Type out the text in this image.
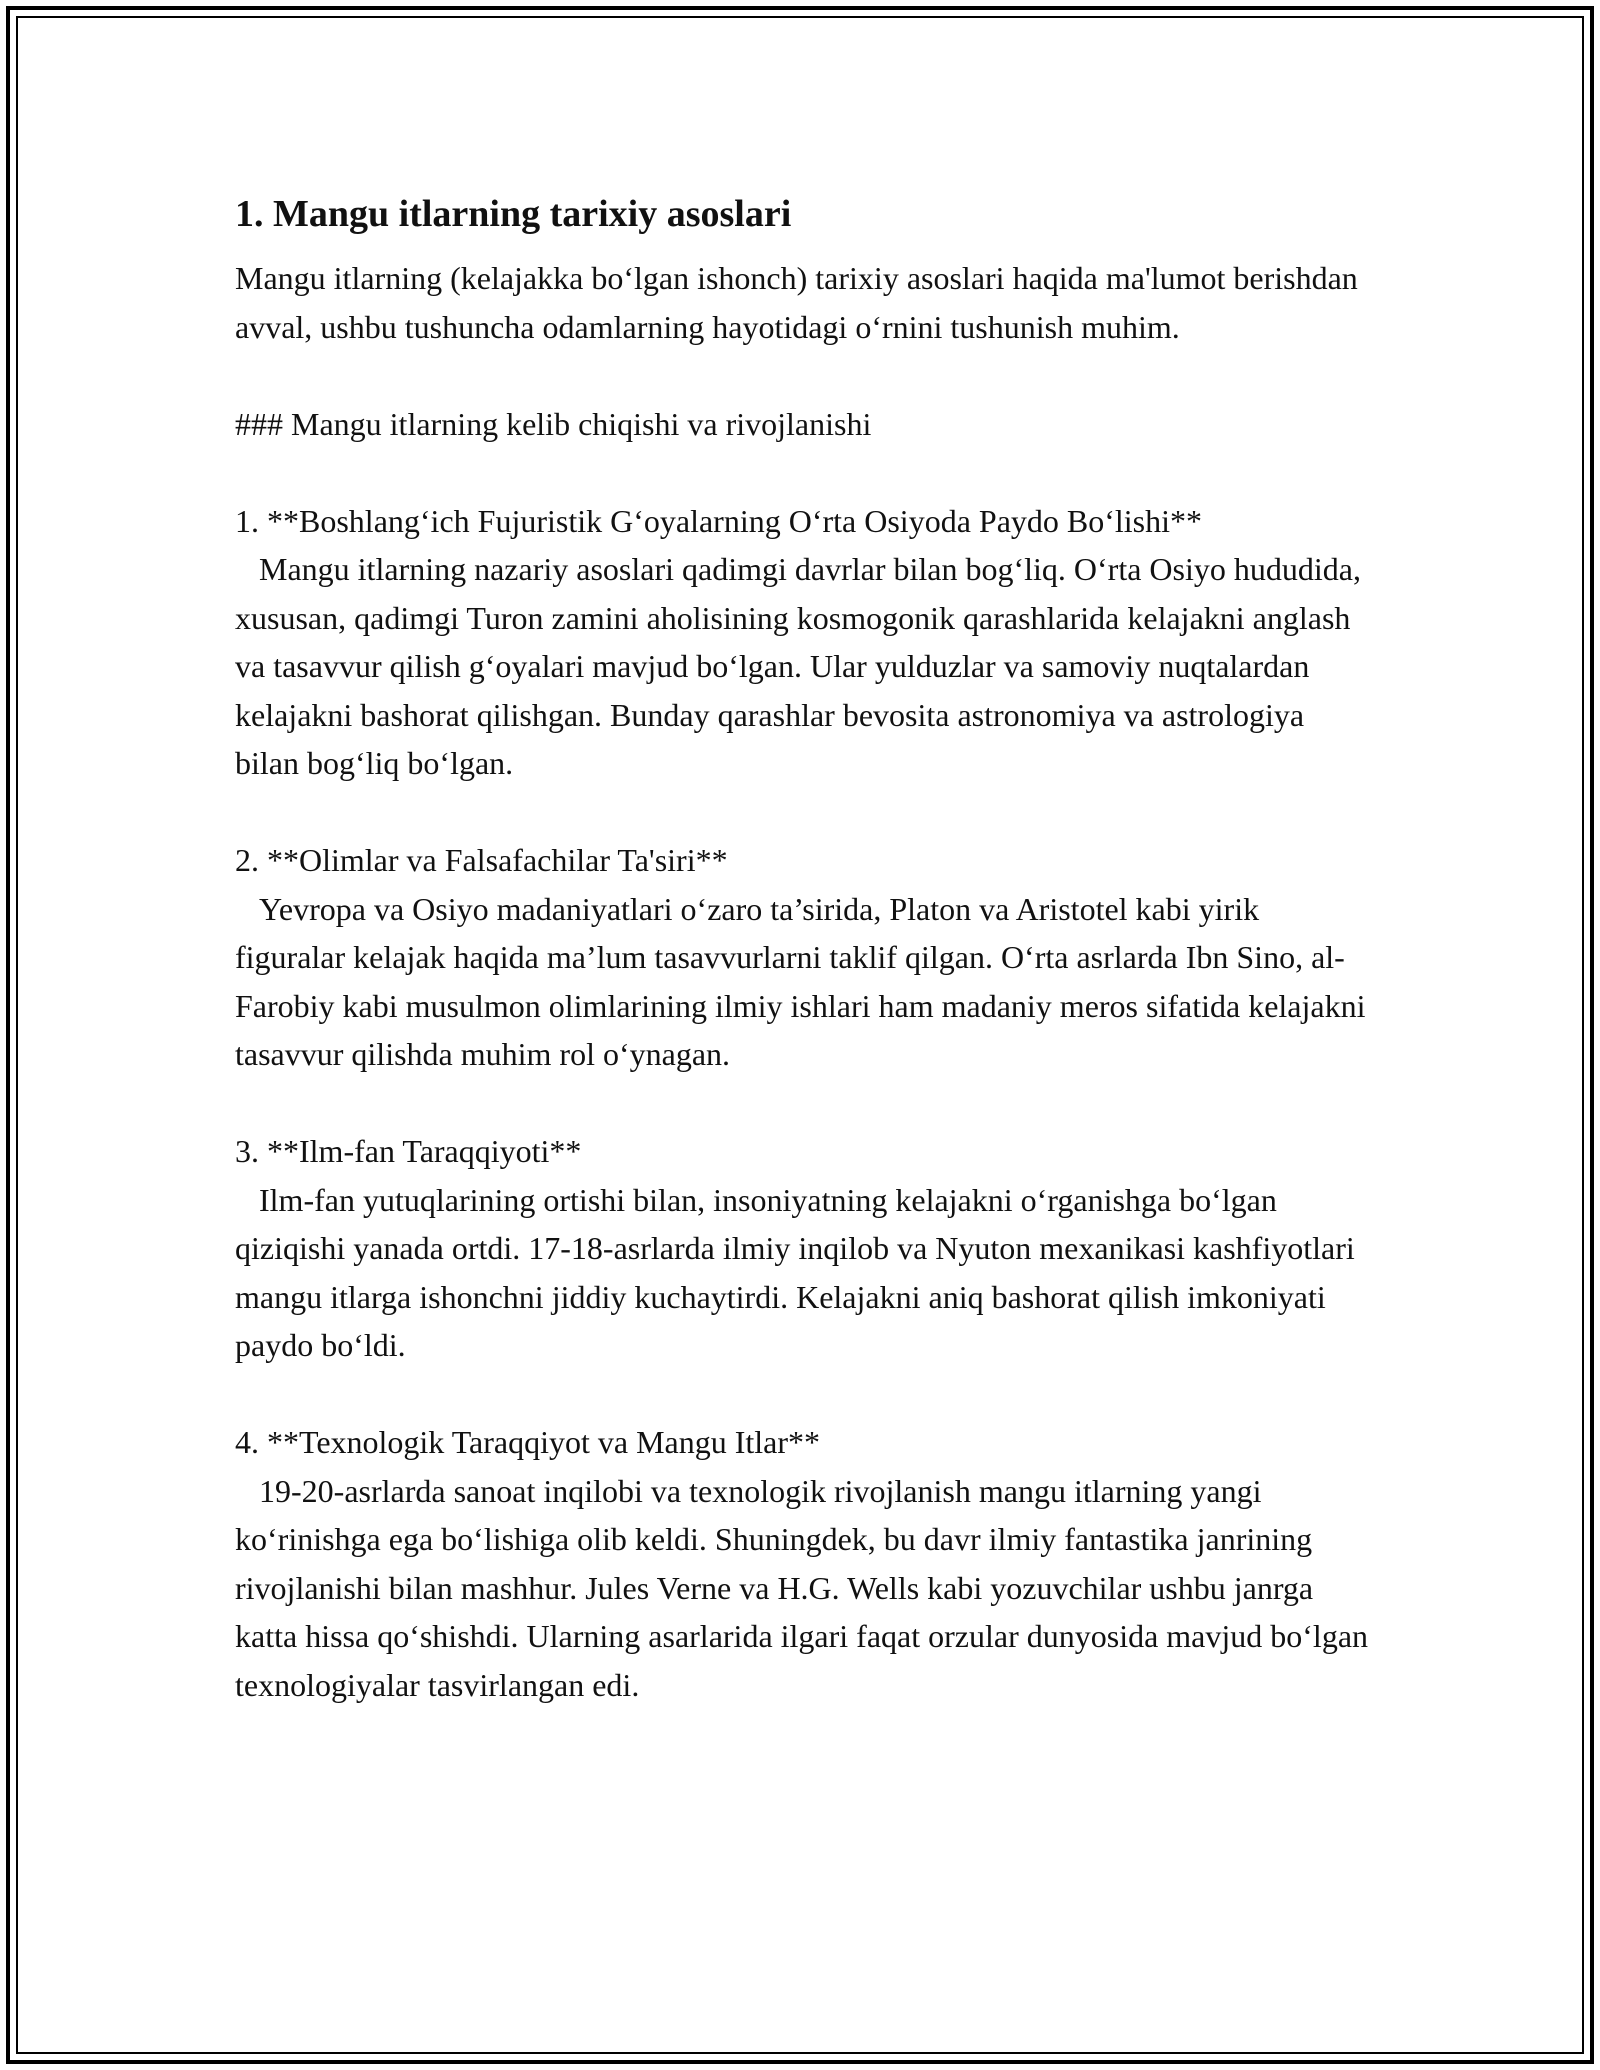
1. Mangu itlarning tarixiy asoslari

Mangu itlarning (kelajakka bo‘lgan ishonch) tarixiy asoslari haqida ma'lumot berishdan avval, ushbu tushuncha odamlarning hayotidagi o‘rnini tushunish muhim.

### Mangu itlarning kelib chiqishi va rivojlanishi

1. **Boshlang‘ich Fujuristik G‘oyalarning O‘rta Osiyoda Paydo Bo‘lishi**

Mangu itlarning nazariy asoslari qadimgi davrlar bilan bog‘liq. O‘rta Osiyo hududida, xususan, qadimgi Turon zamini aholisining kosmogonik qarashlarida kelajakni anglash va tasavvur qilish g‘oyalari mavjud bo‘lgan. Ular yulduzlar va samoviy nuqtalardan kelajakni bashorat qilishgan. Bunday qarashlar bevosita astronomiya va astrologiya bilan bog‘liq bo‘lgan.

2. **Olimlar va Falsafachilar Ta'siri**

Yevropa va Osiyo madaniyatlari o‘zaro ta’sirida, Platon va Aristotel kabi yirik figuralar kelajak haqida ma’lum tasavvurlarni taklif qilgan. O‘rta asrlarda Ibn Sino, al-Farobiy kabi musulmon olimlarining ilmiy ishlari ham madaniy meros sifatida kelajakni tasavvur qilishda muhim rol o‘ynagan.

3. **Ilm-fan Taraqqiyoti**

Ilm-fan yutuqlarining ortishi bilan, insoniyatning kelajakni o‘rganishga bo‘lgan qiziqishi yanada ortdi. 17-18-asrlarda ilmiy inqilob va Nyuton mexanikasi kashfiyotlari mangu itlarga ishonchni jiddiy kuchaytirdi. Kelajakni aniq bashorat qilish imkoniyati paydo bo‘ldi.

4. **Texnologik Taraqqiyot va Mangu Itlar**

19-20-asrlarda sanoat inqilobi va texnologik rivojlanish mangu itlarning yangi ko‘rinishga ega bo‘lishiga olib keldi. Shuningdek, bu davr ilmiy fantastika janrining rivojlanishi bilan mashhur. Jules Verne va H.G. Wells kabi yozuvchilar ushbu janrga katta hissa qo‘shishdi. Ularning asarlarida ilgari faqat orzular dunyosida mavjud bo‘lgan texnologiyalar tasvirlangan edi.
